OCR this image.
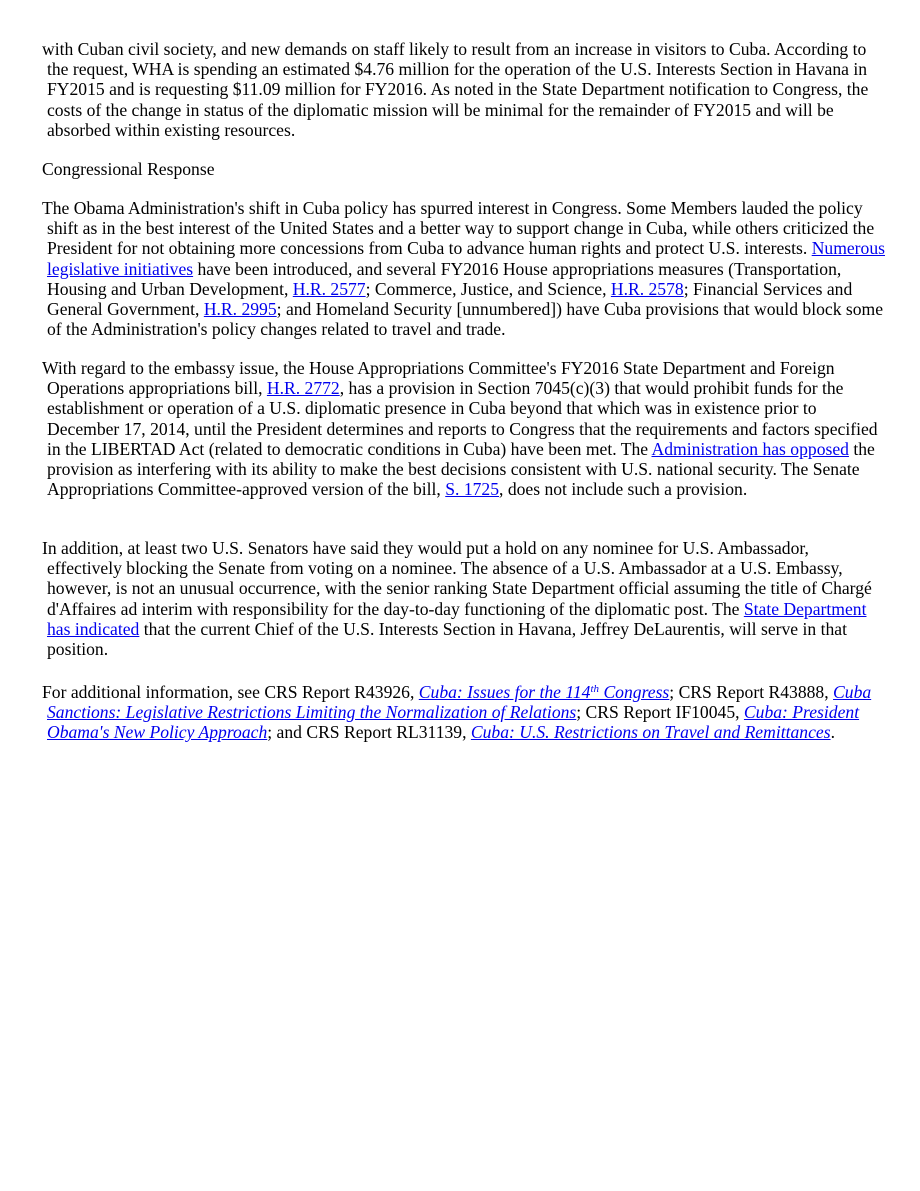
with Cuban civil society, and new demands on staff likely to result from an increase in visitors to Cuba. According to the request, WHA is spending an estimated $4.76 million for the operation of the U.S. Interests Section in Havana in FY2015 and is requesting $11.09 million for FY2016. As noted in the State Department notification to Congress, the costs of the change in status of the diplomatic mission will be minimal for the remainder of FY2015 and will be absorbed within existing resources.

Congressional Response

The Obama Administration's shift in Cuba policy has spurred interest in Congress. Some Members lauded the policy shift as in the best interest of the United States and a better way to support change in Cuba, while others criticized the President for not obtaining more concessions from Cuba to advance human rights and protect U.S. interests. Numerous legislative initiatives have been introduced, and several FY2016 House appropriations measures (Transportation, Housing and Urban Development, H.R. 2577; Commerce, Justice, and Science, H.R. 2578; Financial Services and General Government, H.R. 2995; and Homeland Security [unnumbered]) have Cuba provisions that would block some of the Administration's policy changes related to travel and trade.

With regard to the embassy issue, the House Appropriations Committee's FY2016 State Department and Foreign Operations appropriations bill, H.R. 2772, has a provision in Section 7045(c)(3) that would prohibit funds for the establishment or operation of a U.S. diplomatic presence in Cuba beyond that which was in existence prior to December 17, 2014, until the President determines and reports to Congress that the requirements and factors specified in the LIBERTAD Act (related to democratic conditions in Cuba) have been met. The Administration has opposed the provision as interfering with its ability to make the best decisions consistent with U.S. national security. The Senate Appropriations Committee-approved version of the bill, S. 1725, does not include such a provision.

In addition, at least two U.S. Senators have said they would put a hold on any nominee for U.S. Ambassador, effectively blocking the Senate from voting on a nominee. The absence of a U.S. Ambassador at a U.S. Embassy, however, is not an unusual occurrence, with the senior ranking State Department official assuming the title of Chargé d'Affaires ad interim with responsibility for the day-to-day functioning of the diplomatic post. The State Department has indicated that the current Chief of the U.S. Interests Section in Havana, Jeffrey DeLaurentis, will serve in that position.

For additional information, see CRS Report R43926, Cuba: Issues for the 114th Congress; CRS Report R43888, Cuba Sanctions: Legislative Restrictions Limiting the Normalization of Relations; CRS Report IF10045, Cuba: President Obama's New Policy Approach; and CRS Report RL31139, Cuba: U.S. Restrictions on Travel and Remittances.
